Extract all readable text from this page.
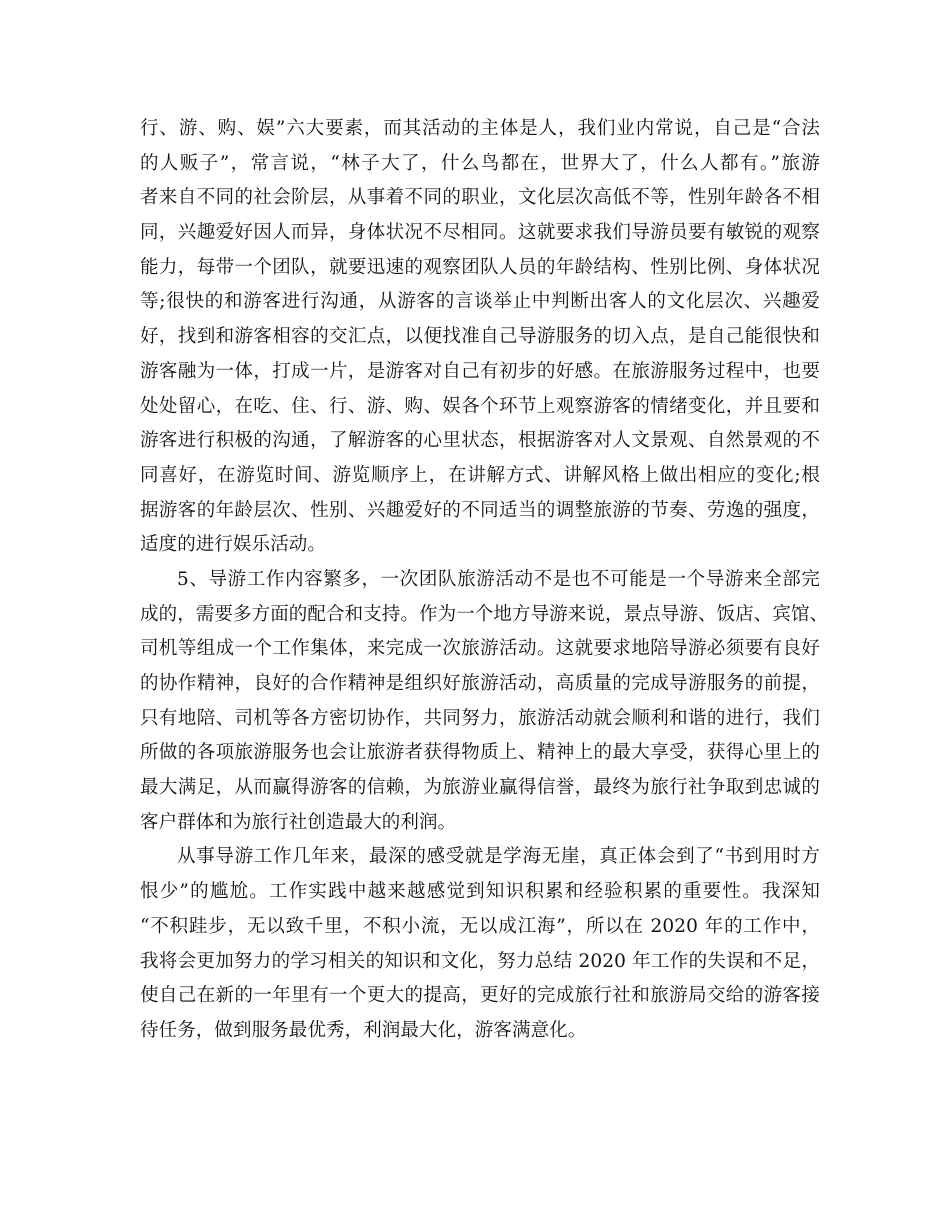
行、游、购、娱”六大要素，而其活动的主体是人，我们业内常说，自己是“合法
的人贩子”，常言说，“林子大了，什么鸟都在，世界大了，什么人都有。”旅游
者来自不同的社会阶层，从事着不同的职业，文化层次高低不等，性别年龄各不相
同，兴趣爱好因人而异，身体状况不尽相同。这就要求我们导游员要有敏锐的观察
能力，每带一个团队，就要迅速的观察团队人员的年龄结构、性别比例、身体状况
等;很快的和游客进行沟通，从游客的言谈举止中判断出客人的文化层次、兴趣爱
好，找到和游客相容的交汇点，以便找准自己导游服务的切入点，是自己能很快和
游客融为一体，打成一片，是游客对自己有初步的好感。在旅游服务过程中，也要
处处留心，在吃、住、行、游、购、娱各个环节上观察游客的情绪变化，并且要和
游客进行积极的沟通，了解游客的心里状态，根据游客对人文景观、自然景观的不
同喜好，在游览时间、游览顺序上，在讲解方式、讲解风格上做出相应的变化;根
据游客的年龄层次、性别、兴趣爱好的不同适当的调整旅游的节奏、劳逸的强度，
适度的进行娱乐活动。
5、导游工作内容繁多，一次团队旅游活动不是也不可能是一个导游来全部完
成的，需要多方面的配合和支持。作为一个地方导游来说，景点导游、饭店、宾馆、
司机等组成一个工作集体，来完成一次旅游活动。这就要求地陪导游必须要有良好
的协作精神，良好的合作精神是组织好旅游活动，高质量的完成导游服务的前提，
只有地陪、司机等各方密切协作，共同努力，旅游活动就会顺利和谐的进行，我们
所做的各项旅游服务也会让旅游者获得物质上、精神上的最大享受，获得心里上的
最大满足，从而赢得游客的信赖，为旅游业赢得信誉，最终为旅行社争取到忠诚的
客户群体和为旅行社创造最大的利润。
从事导游工作几年来，最深的感受就是学海无崖，真正体会到了“书到用时方
恨少”的尴尬。工作实践中越来越感觉到知识积累和经验积累的重要性。我深知
“不积跬步，无以致千里，不积小流，无以成江海”，所以在 2020 年的工作中，
我将会更加努力的学习相关的知识和文化，努力总结 2020 年工作的失误和不足，
使自己在新的一年里有一个更大的提高，更好的完成旅行社和旅游局交给的游客接
待任务，做到服务最优秀，利润最大化，游客满意化。
